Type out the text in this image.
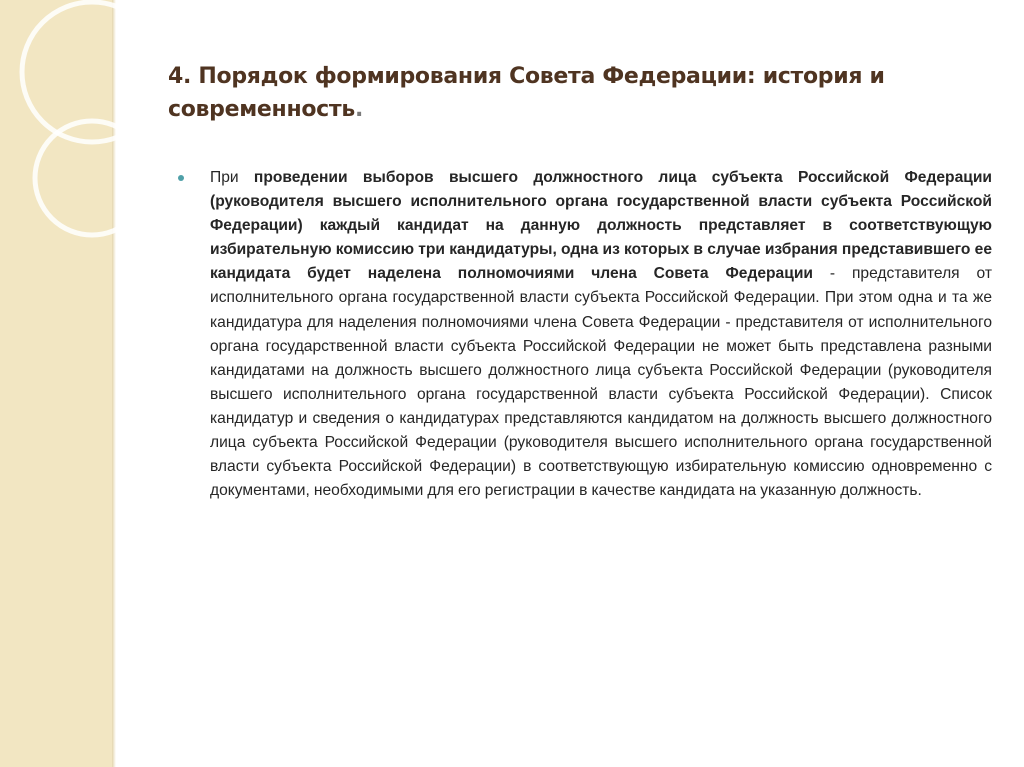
4. Порядок формирования Совета Федерации: история и современность.

При проведении выборов высшего должностного лица субъекта Российской Федерации (руководителя высшего исполнительного органа государственной власти субъекта Российской Федерации) каждый кандидат на данную должность представляет в соответствующую избирательную комиссию три кандидатуры, одна из которых в случае избрания представившего ее кандидата будет наделена полномочиями члена Совета Федерации - представителя от исполнительного органа государственной власти субъекта Российской Федерации. При этом одна и та же кандидатура для наделения полномочиями члена Совета Федерации - представителя от исполнительного органа государственной власти субъекта Российской Федерации не может быть представлена разными кандидатами на должность высшего должностного лица субъекта Российской Федерации (руководителя высшего исполнительного органа государственной власти субъекта Российской Федерации). Список кандидатур и сведения о кандидатурах представляются кандидатом на должность высшего должностного лица субъекта Российской Федерации (руководителя высшего исполнительного органа государственной власти субъекта Российской Федерации) в соответствующую избирательную комиссию одновременно с документами, необходимыми для его регистрации в качестве кандидата на указанную должность.
